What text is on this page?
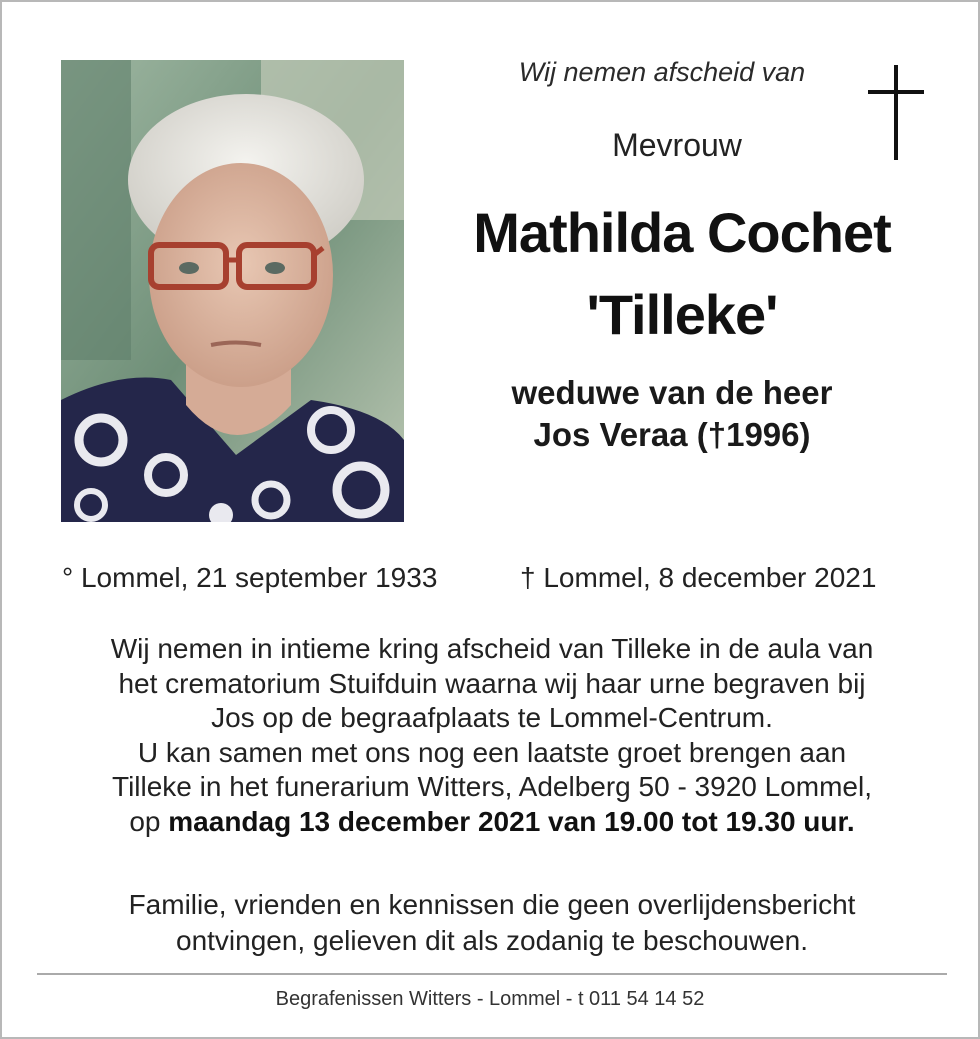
Wij nemen afscheid van
Mevrouw
Mathilda Cochet
'Tilleke'
weduwe van de heer
Jos Veraa (†1996)
° Lommel, 21 september 1933	† Lommel, 8 december 2021
Wij nemen in intieme kring afscheid van Tilleke in de aula van
het crematorium Stuifduin waarna wij haar urne begraven bij
Jos op de begraafplaats te Lommel-Centrum.
U kan samen met ons nog een laatste groet brengen aan
Tilleke in het funerarium Witters, Adelberg 50 - 3920 Lommel,
op maandag 13 december 2021 van 19.00 tot 19.30 uur.
Familie, vrienden en kennissen die geen overlijdensbericht
ontvingen, gelieven dit als zodanig te beschouwen.
Begrafenissen Witters - Lommel - t 011 54 14 52
